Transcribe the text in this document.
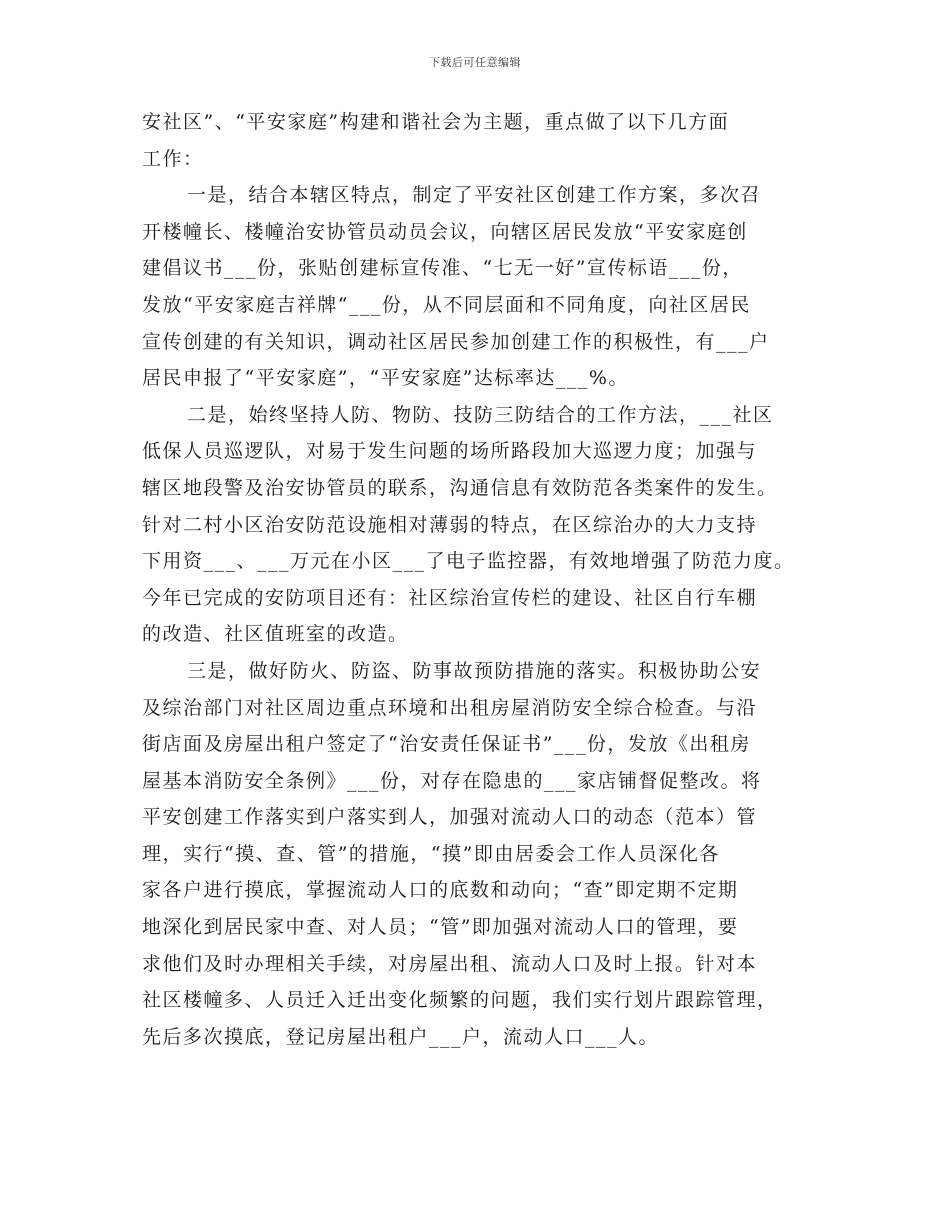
下载后可任意编辑
安社区”、“平安家庭”构建和谐社会为主题，重点做了以下几方面
工作：
一是，结合本辖区特点，制定了平安社区创建工作方案，多次召
开楼幢长、楼幢治安协管员动员会议，向辖区居民发放“平安家庭创
建倡议书___份，张贴创建标宣传准、“七无一好”宣传标语___份，
发放“平安家庭吉祥牌“___份，从不同层面和不同角度，向社区居民
宣传创建的有关知识，调动社区居民参加创建工作的积极性，有___户
居民申报了“平安家庭”，“平安家庭”达标率达___%。
二是，始终坚持人防、物防、技防三防结合的工作方法，___社区
低保人员巡逻队，对易于发生问题的场所路段加大巡逻力度；加强与
辖区地段警及治安协管员的联系，沟通信息有效防范各类案件的发生。
针对二村小区治安防范设施相对薄弱的特点，在区综治办的大力支持
下用资___、___万元在小区___了电子监控器，有效地增强了防范力度。
今年已完成的安防项目还有：社区综治宣传栏的建设、社区自行车棚
的改造、社区值班室的改造。
三是，做好防火、防盗、防事故预防措施的落实。积极协助公安
及综治部门对社区周边重点环境和出租房屋消防安全综合检查。与沿
街店面及房屋出租户签定了“治安责任保证书”___份，发放《出租房
屋基本消防安全条例》___份，对存在隐患的___家店铺督促整改。将
平安创建工作落实到户落实到人，加强对流动人口的动态（范本）管
理，实行“摸、查、管”的措施，“摸”即由居委会工作人员深化各
家各户进行摸底，掌握流动人口的底数和动向；“查”即定期不定期
地深化到居民家中查、对人员；“管”即加强对流动人口的管理，要
求他们及时办理相关手续，对房屋出租、流动人口及时上报。针对本
社区楼幢多、人员迁入迁出变化频繁的问题，我们实行划片跟踪管理，
先后多次摸底，登记房屋出租户___户，流动人口___人。
